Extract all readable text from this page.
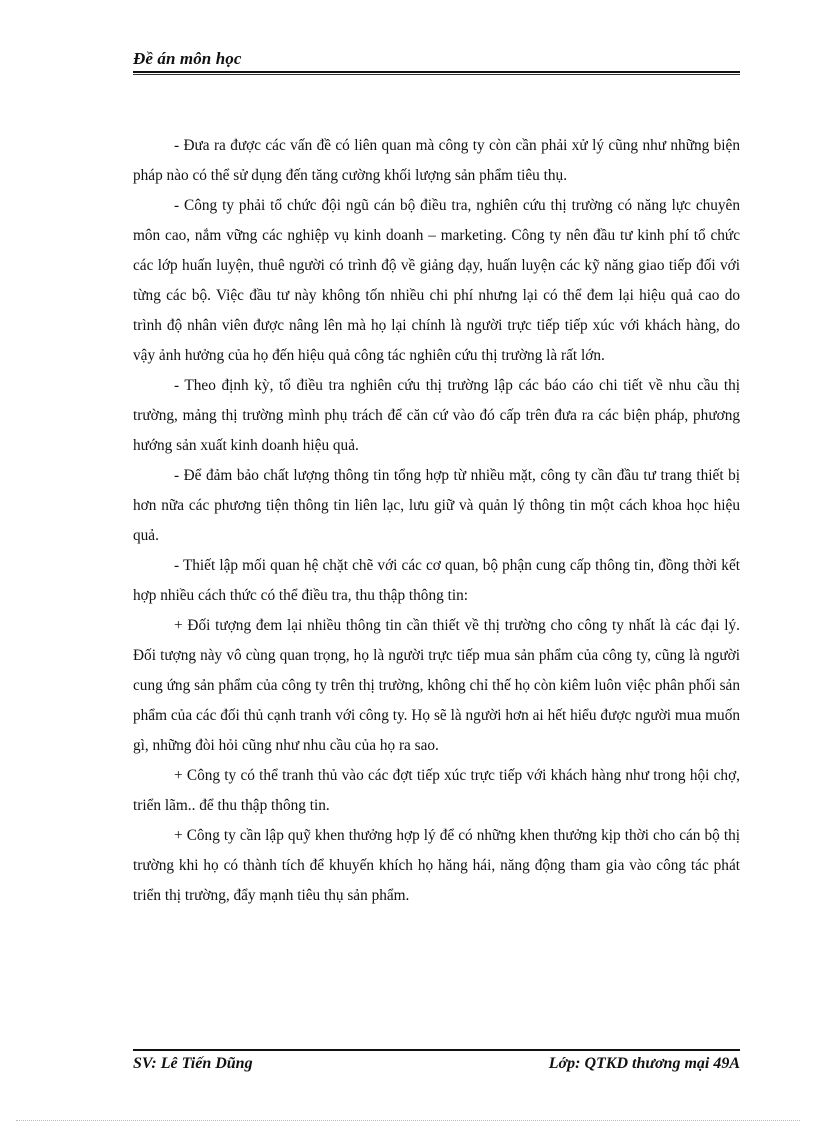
Đề án môn học

- Đưa ra được các vấn đề có liên quan mà công ty còn cần phải xử lý cũng như những biện pháp nào có thể sử dụng đến tăng cường khối lượng sản phẩm tiêu thụ.

- Công ty phải tổ chức đội ngũ cán bộ điều tra, nghiên cứu thị trường có năng lực chuyên môn cao, nắm vững các nghiệp vụ kinh doanh – marketing. Công ty nên đầu tư kinh phí tổ chức các lớp huấn luyện, thuê người có trình độ về giảng dạy, huấn luyện các kỹ năng giao tiếp đối với từng các bộ. Việc đầu tư này không tốn nhiều chi phí nhưng lại có thể đem lại hiệu quả cao do trình độ nhân viên được nâng lên mà họ lại chính là người trực tiếp tiếp xúc với khách hàng, do vậy ảnh hưởng của họ đến hiệu quả công tác nghiên cứu thị trường là rất lớn.

- Theo định kỳ, tổ điều tra nghiên cứu thị trường lập các báo cáo chi tiết về nhu cầu thị trường, mảng thị trường mình phụ trách để căn cứ vào đó cấp trên đưa ra các biện pháp, phương hướng sản xuất kinh doanh hiệu quả.

- Để đảm bảo chất lượng thông tin tổng hợp từ nhiều mặt, công ty cần đầu tư trang thiết bị hơn nữa các phương tiện thông tin liên lạc, lưu giữ và quản lý thông tin một cách khoa học hiệu quả.

- Thiết lập mối quan hệ chặt chẽ với các cơ quan, bộ phận cung cấp thông tin, đồng thời kết hợp nhiều cách thức có thể điều tra, thu thập thông tin:

+ Đối tượng đem lại nhiều thông tin cần thiết về thị trường cho công ty nhất là các đại lý. Đối tượng này vô cùng quan trọng, họ là người trực tiếp mua sản phẩm của công ty, cũng là người cung ứng sản phẩm của công ty trên thị trường, không chỉ thế họ còn kiêm luôn việc phân phối sản phẩm của các đối thủ cạnh tranh với công ty. Họ sẽ là người hơn ai hết hiểu được người mua muốn gì, những đòi hỏi cũng như nhu cầu của họ ra sao.

+ Công ty có thể tranh thủ vào các đợt tiếp xúc trực tiếp với khách hàng như trong hội chợ, triển lãm.. để thu thập thông tin.

+ Công ty cần lập quỹ khen thưởng hợp lý để có những khen thưởng kịp thời cho cán bộ thị trường khi họ có thành tích để khuyến khích họ hăng hái, năng động tham gia vào công tác phát triển thị trường, đẩy mạnh tiêu thụ sản phẩm.

SV: Lê Tiến Dũng	Lớp: QTKD thương mại 49A
